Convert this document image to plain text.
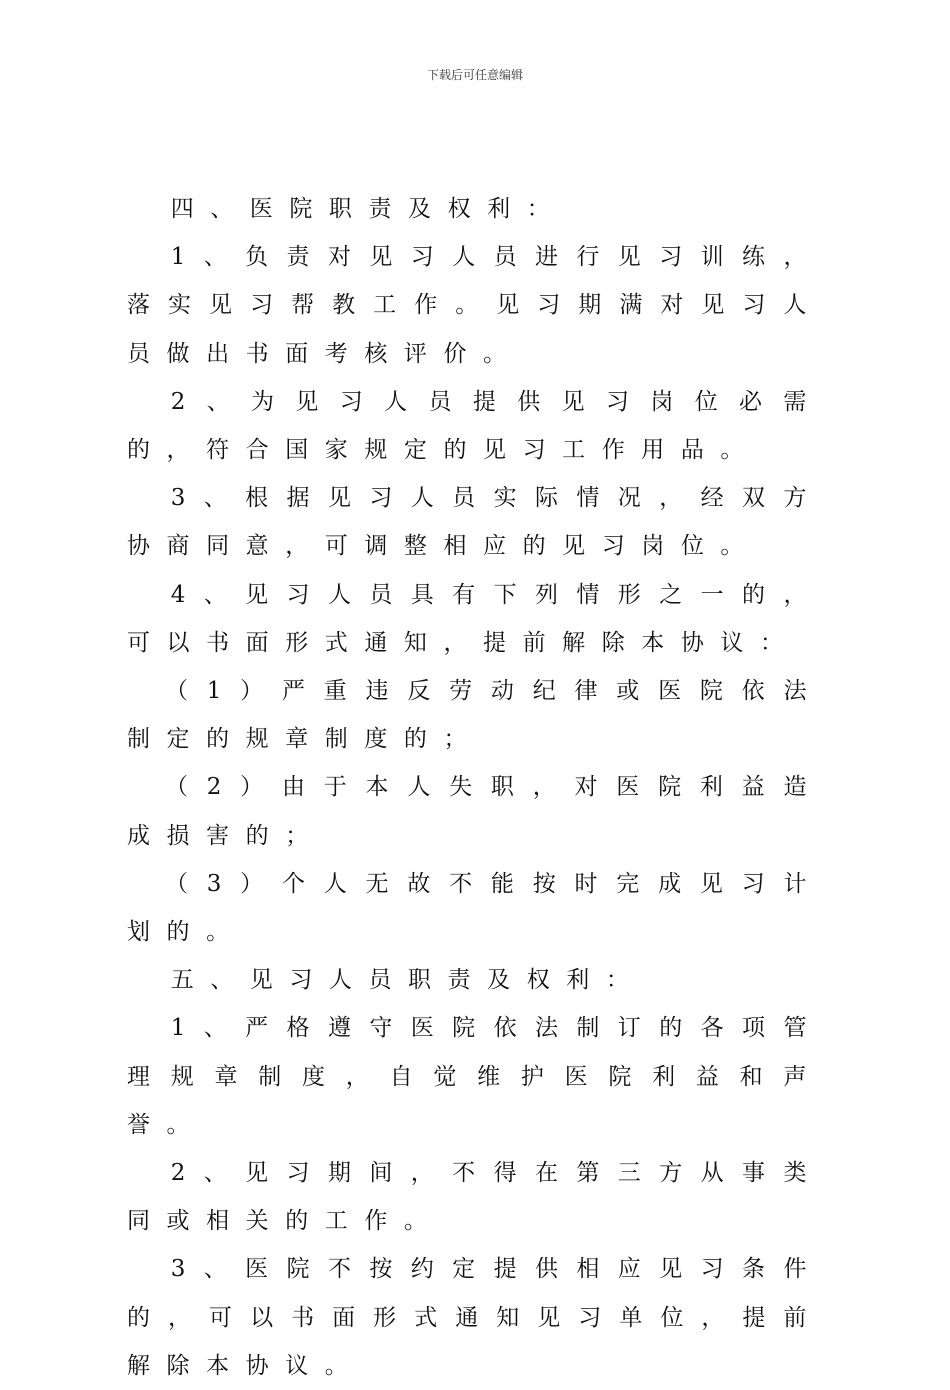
下载后可任意编辑

四、医院职责及权利：

1、负责对见习人员进行见习训练，落实见习帮教工作。见习期满对见习人员做出书面考核评价。

2、为见习人员提供见习岗位必需的，符合国家规定的见习工作用品。

3、根据见习人员实际情况，经双方协商同意，可调整相应的见习岗位。

4、见习人员具有下列情形之一的，可以书面形式通知，提前解除本协议：

（1）严重违反劳动纪律或医院依法制定的规章制度的；

（2）由于本人失职，对医院利益造成损害的；

（3）个人无故不能按时完成见习计划的。

五、见习人员职责及权利：

1、严格遵守医院依法制订的各项管理规章制度，自觉维护医院利益和声誉。

2、见习期间，不得在第三方从事类同或相关的工作。

3、医院不按约定提供相应见习条件的，可以书面形式通知见习单位，提前解除本协议。
